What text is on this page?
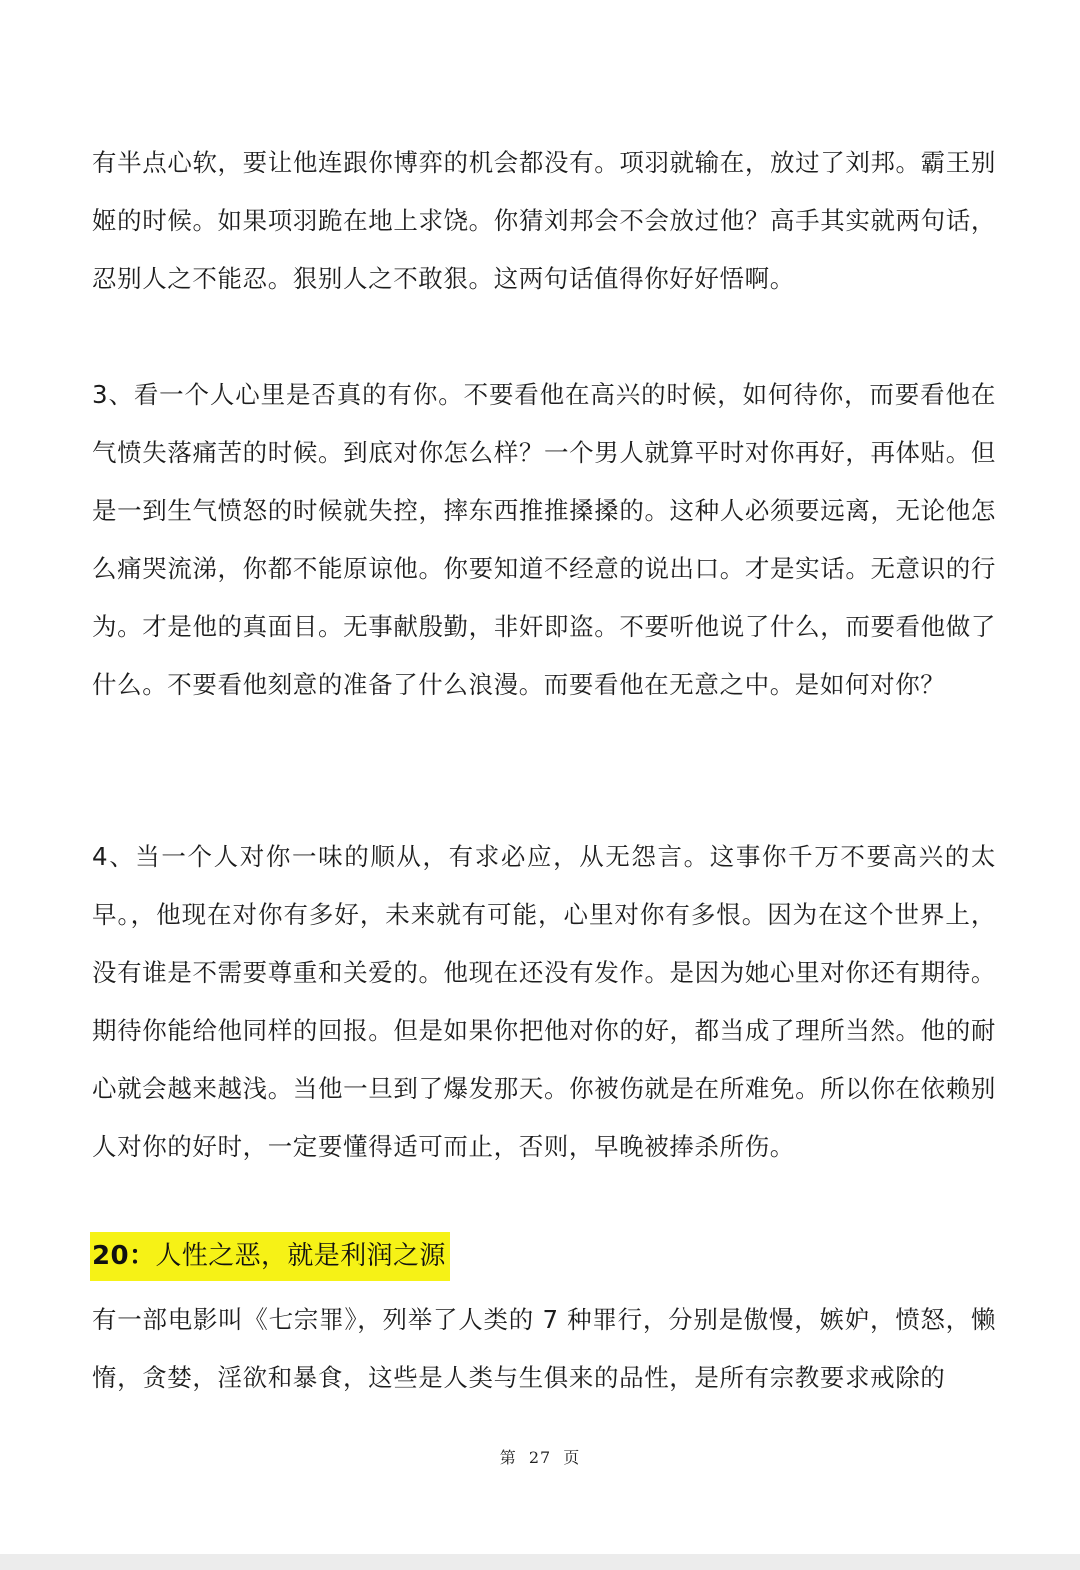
有半点心软，要让他连跟你博弈的机会都没有。项羽就输在，放过了刘邦。霸王别姬的时候。如果项羽跪在地上求饶。你猜刘邦会不会放过他？高手其实就两句话，忍别人之不能忍。狠别人之不敢狠。这两句话值得你好好悟啊。

3、看一个人心里是否真的有你。不要看他在高兴的时候，如何待你，而要看他在气愤失落痛苦的时候。到底对你怎么样？一个男人就算平时对你再好，再体贴。但是一到生气愤怒的时候就失控，摔东西推推搡搡的。这种人必须要远离，无论他怎么痛哭流涕，你都不能原谅他。你要知道不经意的说出口。才是实话。无意识的行为。才是他的真面目。无事献殷勤，非奸即盗。不要听他说了什么，而要看他做了什么。不要看他刻意的准备了什么浪漫。而要看他在无意之中。是如何对你？

4、当一个人对你一味的顺从，有求必应，从无怨言。这事你千万不要高兴的太早。，他现在对你有多好，未来就有可能，心里对你有多恨。因为在这个世界上，没有谁是不需要尊重和关爱的。他现在还没有发作。是因为她心里对你还有期待。期待你能给他同样的回报。但是如果你把他对你的好，都当成了理所当然。他的耐心就会越来越浅。当他一旦到了爆发那天。你被伤就是在所难免。所以你在依赖别人对你的好时，一定要懂得适可而止，否则，早晚被捧杀所伤。

20：人性之恶，就是利润之源

有一部电影叫《七宗罪》，列举了人类的 7 种罪行，分别是傲慢，嫉妒，愤怒，懒惰，贪婪，淫欲和暴食，这些是人类与生俱来的品性，是所有宗教要求戒除的

第 27 页
